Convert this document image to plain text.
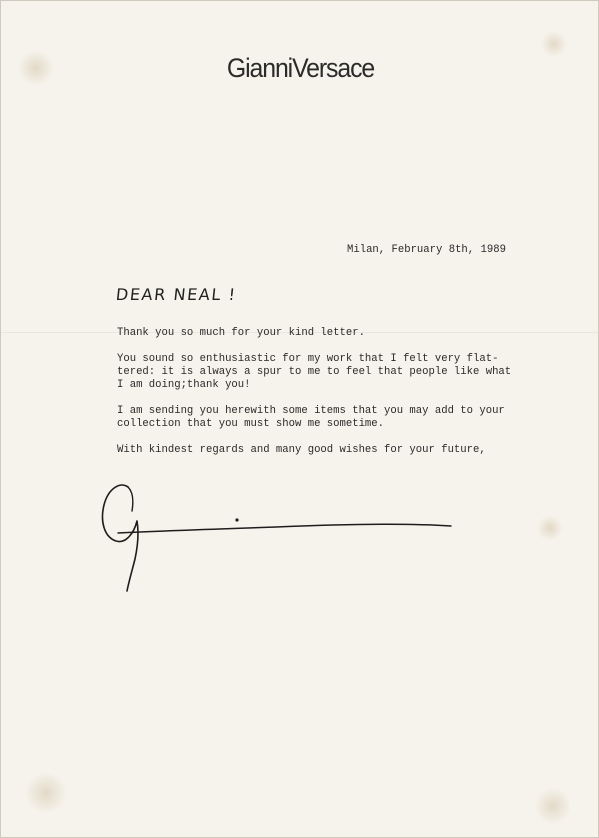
GianniVersace
Milan, February 8th, 1989
DEAR NEAL !

Thank you so much for your kind letter.

You sound so enthusiastic for my work that I felt very flat-
tered: it is always a spur to me to feel that people like what
I am doing;thank you!

I am sending you herewith some items that you may add to your
collection that you must show me sometime.

With kindest regards and many good wishes for your future,
